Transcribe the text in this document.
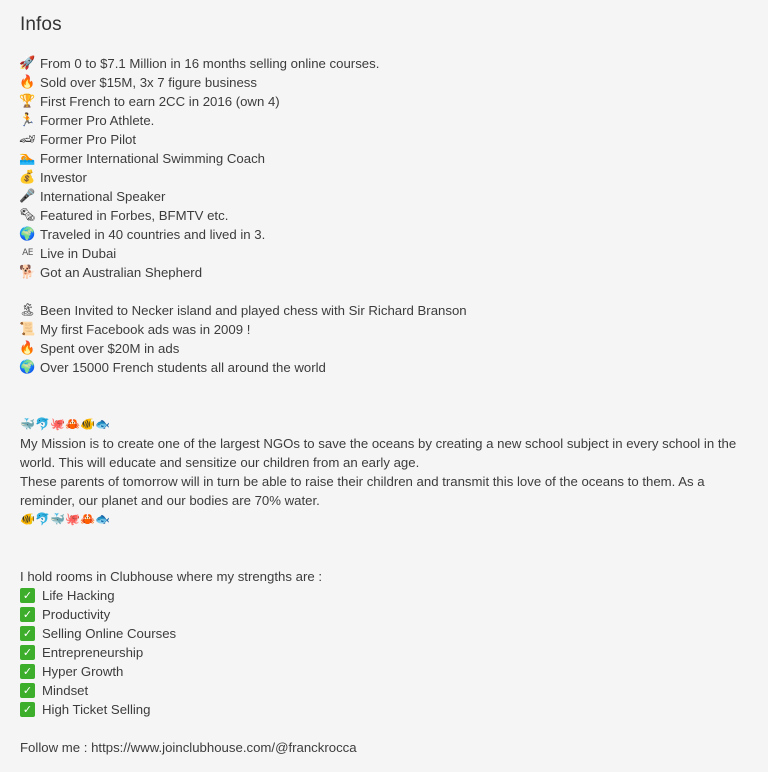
Infos
🚀 From 0 to $7.1 Million in 16 months selling online courses.
🔥 Sold over $15M, 3x 7 figure business
🏆 First French to earn 2CC in 2016 (own 4)
🏃 Former Pro Athlete.
🏎 Former Pro Pilot
🏊 Former International Swimming Coach
💰 Investor
🎤 International Speaker
🗞 Featured in Forbes, BFMTV etc.
🌍 Traveled in 40 countries and lived in 3.
AE Live in Dubai
🐕 Got an Australian Shepherd
🏝 Been Invited to Necker island and played chess with Sir Richard Branson
📜 My first Facebook ads was in 2009 !
🔥 Spent over $20M in ads
🌍 Over 15000 French students all around the world
🐳 🐬 🐙 🦀 🐠 🐟
My Mission is to create one of the largest NGOs to save the oceans by creating a new school subject in every school in the world. This will educate and sensitize our children from an early age.
These parents of tomorrow will in turn be able to raise their children and transmit this love of the oceans to them. As a reminder, our planet and our bodies are 70% water.
🐠 🐬 🐳 🐙 🦀 🐟
I hold rooms in Clubhouse where my strengths are :
✓ Life Hacking
✓ Productivity
✓ Selling Online Courses
✓ Entrepreneurship
✓ Hyper Growth
✓ Mindset
✓ High Ticket Selling
Follow me : https://www.joinclubhouse.com/@franckrocca
